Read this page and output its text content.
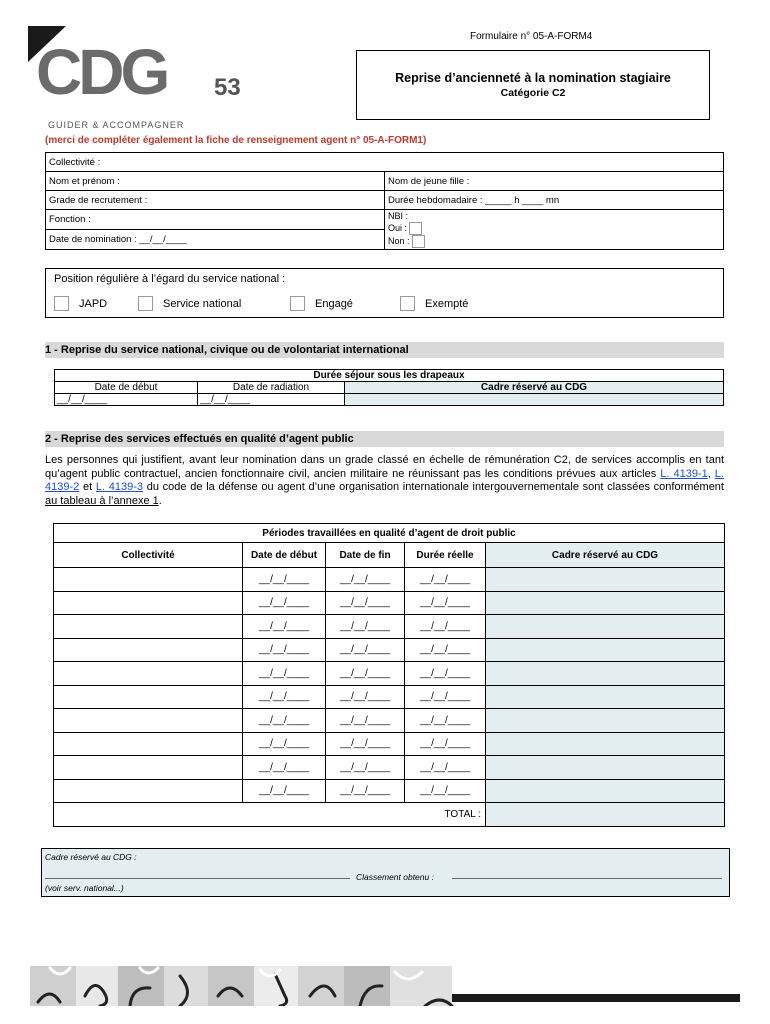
Formulaire n° 05-A-FORM4
CDG 53
GUIDER & ACCOMPAGNER
Reprise d’ancienneté à la nomination stagiaire
Catégorie C2
(merci de compléter également la fiche de renseignement agent n° 05-A-FORM1)
Collectivité :	
Nom et prénom :	Nom de jeune fille :
Grade de recrutement :	Durée hebdomadaire : _____ h ____ mn
Fonction :	NBI :
Oui :
Non :

Date de nomination : __/__/____	
Position régulière à l’égard du service national :
JAPD	Service national	Engagé	Exempté
1 - Reprise du service national, civique ou de volontariat international
Durée séjour sous les drapeaux		
Date de début	Date de radiation	Cadre réservé au CDG
__/__/____	__/__/____	
2 - Reprise des services effectués en qualité d’agent public
Les personnes qui justifient, avant leur nomination dans un grade classé en échelle de rémunération C2, de services accomplis en tant qu’agent public contractuel, ancien fonctionnaire civil, ancien militaire ne réunissant pas les conditions prévues aux articles L. 4139-1, L. 4139-2 et L. 4139-3 du code de la défense ou agent d’une organisation internationale intergouvernementale sont classées conformément au tableau à l’annexe 1.
Périodes travaillées en qualité d’agent de droit public				
Collectivité	Date de début	Date de fin	Durée réelle	Cadre réservé au CDG
	__/__/____	__/__/____	__/__/____	
	__/__/____	__/__/____	__/__/____	
	__/__/____	__/__/____	__/__/____	
	__/__/____	__/__/____	__/__/____	
	__/__/____	__/__/____	__/__/____	
	__/__/____	__/__/____	__/__/____	
	__/__/____	__/__/____	__/__/____	
	__/__/____	__/__/____	__/__/____	
	__/__/____	__/__/____	__/__/____	
	__/__/____	__/__/____	__/__/____	
TOTAL :				
Cadre réservé au CDG :
Classement obtenu :
(voir serv. national...)
